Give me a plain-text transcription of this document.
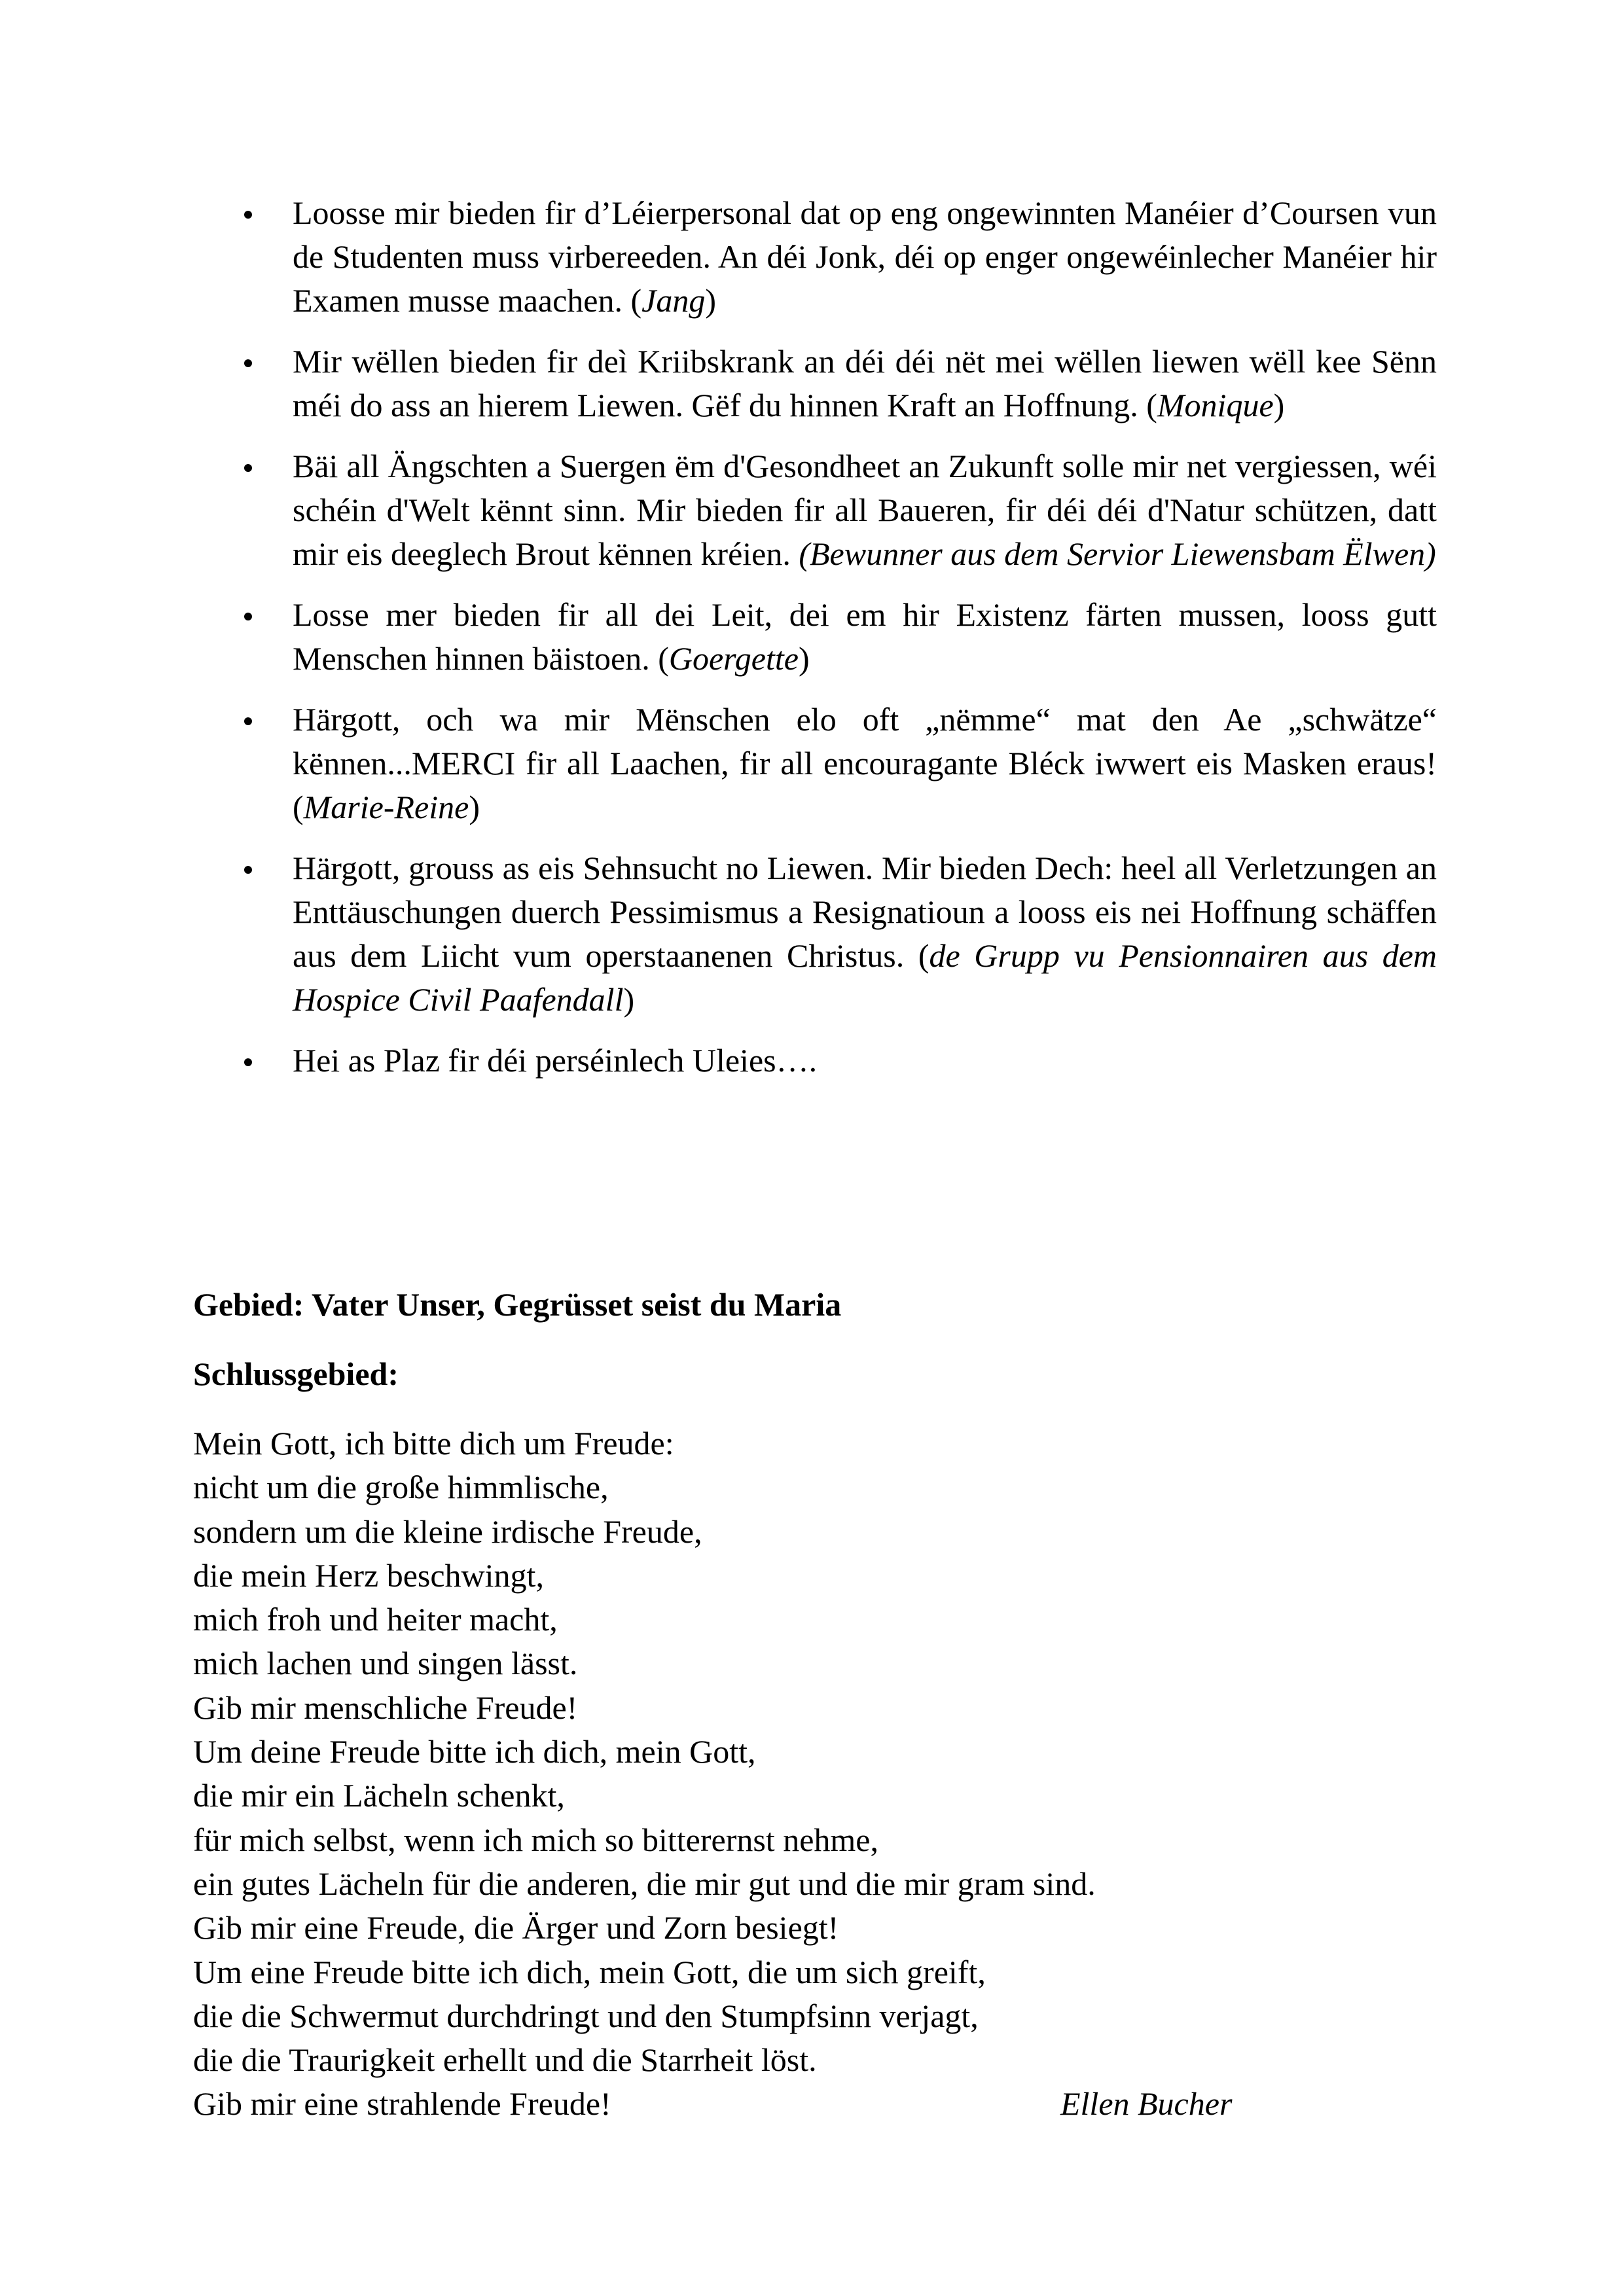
Loosse mir bieden fir d’Léierpersonal dat op eng ongewinnten Manéier d’Coursen vun de Studenten muss virbereeden. An déi Jonk, déi op enger ongewéinlecher Manéier hir Examen musse maachen. (Jang)
Mir wëllen bieden fir deì Kriibskrank an déi déi nët mei wëllen liewen wëll kee Sënn méi do ass an hierem Liewen. Gëf du hinnen Kraft an Hoffnung. (Monique)
Bäi all Ängschten a Suergen ëm d'Gesondheet an Zukunft solle mir net vergiessen, wéi schéin d'Welt kënnt sinn. Mir bieden fir all Baueren, fir déi déi d'Natur schützen, datt mir eis deeglech Brout kënnen kréien. (Bewunner aus dem Servior Liewensbam Ëlwen)
Losse mer bieden fir all dei Leit, dei em hir Existenz färten mussen, looss gutt Menschen hinnen bäistoen. (Goergette)
Härgott, och wa mir Mënschen elo oft „nëmme“ mat den Ae „schwätze“ kënnen...MERCI fir all Laachen, fir all encouragante Bléck iwwert eis Masken eraus! (Marie-Reine)
Härgott, grouss as eis Sehnsucht no Liewen. Mir bieden Dech: heel all Verletzungen an Enttäuschungen duerch Pessimismus a Resignatioun a looss eis nei Hoffnung schäffen aus dem Liicht vum operstaanenen Christus. (de Grupp vu Pensionnairen aus dem Hospice Civil Paafendall)
Hei as Plaz fir déi perséinlech Uleies….
Gebied: Vater Unser, Gegrüsset seist du Maria
Schlussgebied:
Mein Gott, ich bitte dich um Freude:
nicht um die große himmlische,
sondern um die kleine irdische Freude,
die mein Herz beschwingt,
mich froh und heiter macht,
mich lachen und singen lässt.
Gib mir menschliche Freude!
Um deine Freude bitte ich dich, mein Gott,
die mir ein Lächeln schenkt,
für mich selbst, wenn ich mich so bitterernst nehme,
ein gutes Lächeln für die anderen, die mir gut und die mir gram sind.
Gib mir eine Freude, die Ärger und Zorn besiegt!
Um eine Freude bitte ich dich, mein Gott, die um sich greift,
die die Schwermut durchdringt und den Stumpfsinn verjagt,
die die Traurigkeit erhellt und die Starrheit löst.
Gib mir eine strahlende Freude!	Ellen Bucher
